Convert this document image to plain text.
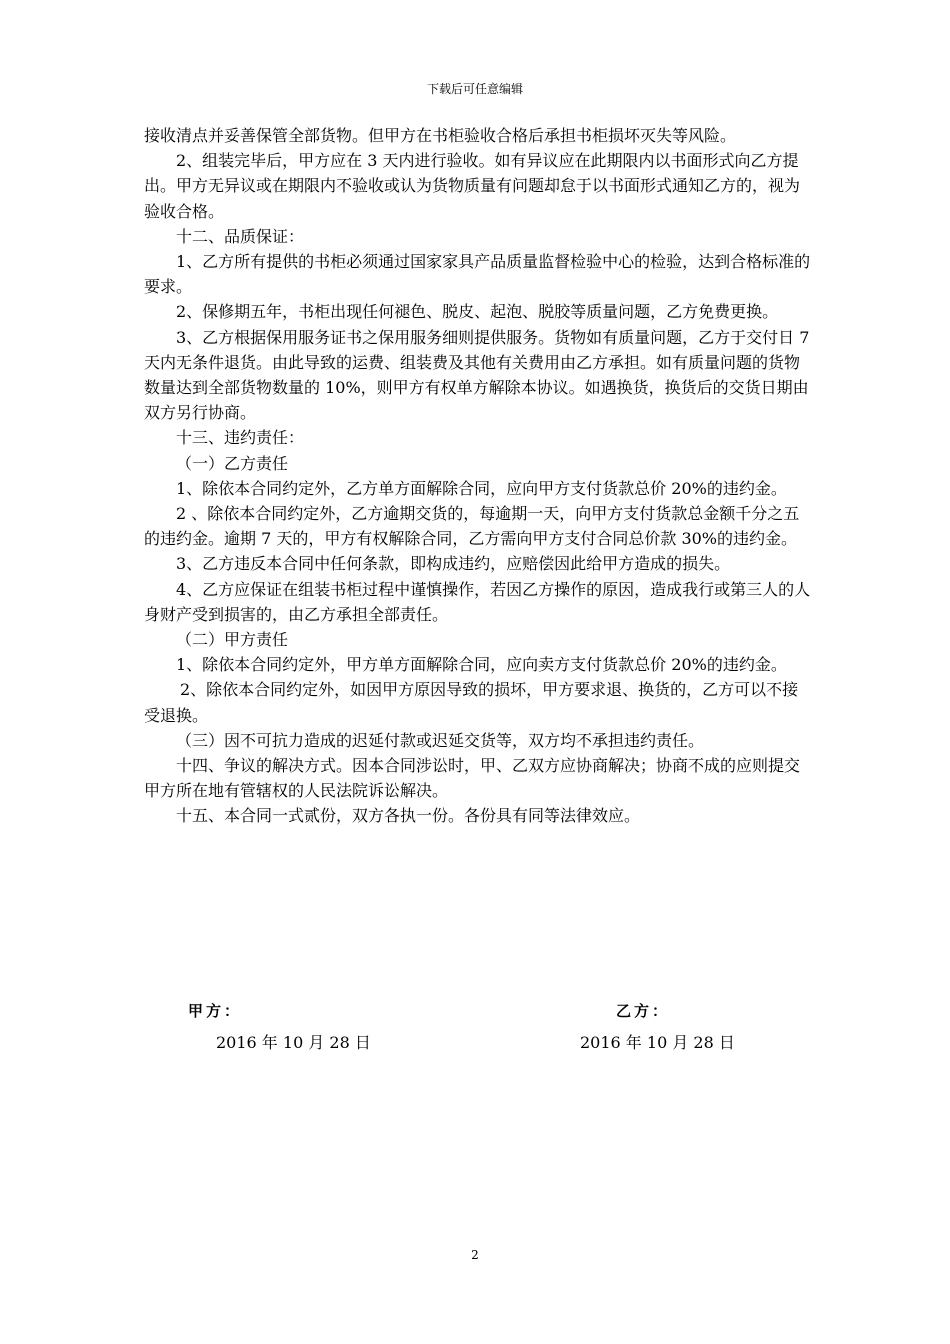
下载后可任意编辑

接收清点并妥善保管全部货物。但甲方在书柜验收合格后承担书柜损坏灭失等风险。

2、组装完毕后，甲方应在 3 天内进行验收。如有异议应在此期限内以书面形式向乙方提出。甲方无异议或在期限内不验收或认为货物质量有问题却怠于以书面形式通知乙方的，视为验收合格。

十二、品质保证：

1、乙方所有提供的书柜必须通过国家家具产品质量监督检验中心的检验，达到合格标准的要求。

2、保修期五年，书柜出现任何褪色、脱皮、起泡、脱胶等质量问题，乙方免费更换。

3、乙方根据保用服务证书之保用服务细则提供服务。货物如有质量问题，乙方于交付日 7 天内无条件退货。由此导致的运费、组装费及其他有关费用由乙方承担。如有质量问题的货物数量达到全部货物数量的 10%，则甲方有权单方解除本协议。如遇换货，换货后的交货日期由双方另行协商。

十三、违约责任：

（一）乙方责任

1、除依本合同约定外，乙方单方面解除合同，应向甲方支付货款总价 20%的违约金。

2 、除依本合同约定外，乙方逾期交货的，每逾期一天，向甲方支付货款总金额千分之五的违约金。逾期 7 天的，甲方有权解除合同，乙方需向甲方支付合同总价款 30%的违约金。

3、乙方违反本合同中任何条款，即构成违约，应赔偿因此给甲方造成的损失。

4、乙方应保证在组装书柜过程中谨慎操作，若因乙方操作的原因，造成我行或第三人的人身财产受到损害的，由乙方承担全部责任。

（二）甲方责任

1、除依本合同约定外，甲方单方面解除合同，应向卖方支付货款总价 20%的违约金。

2、除依本合同约定外，如因甲方原因导致的损坏，甲方要求退、换货的，乙方可以不接受退换。

（三）因不可抗力造成的迟延付款或迟延交货等，双方均不承担违约责任。

十四、争议的解决方式。因本合同涉讼时，甲、乙双方应协商解决；协商不成的应则提交甲方所在地有管辖权的人民法院诉讼解决。

十五、本合同一式贰份，双方各执一份。各份具有同等法律效应。

甲方：	乙方：
2016 年 10 月 28 日	2016 年 10 月 28 日
2
